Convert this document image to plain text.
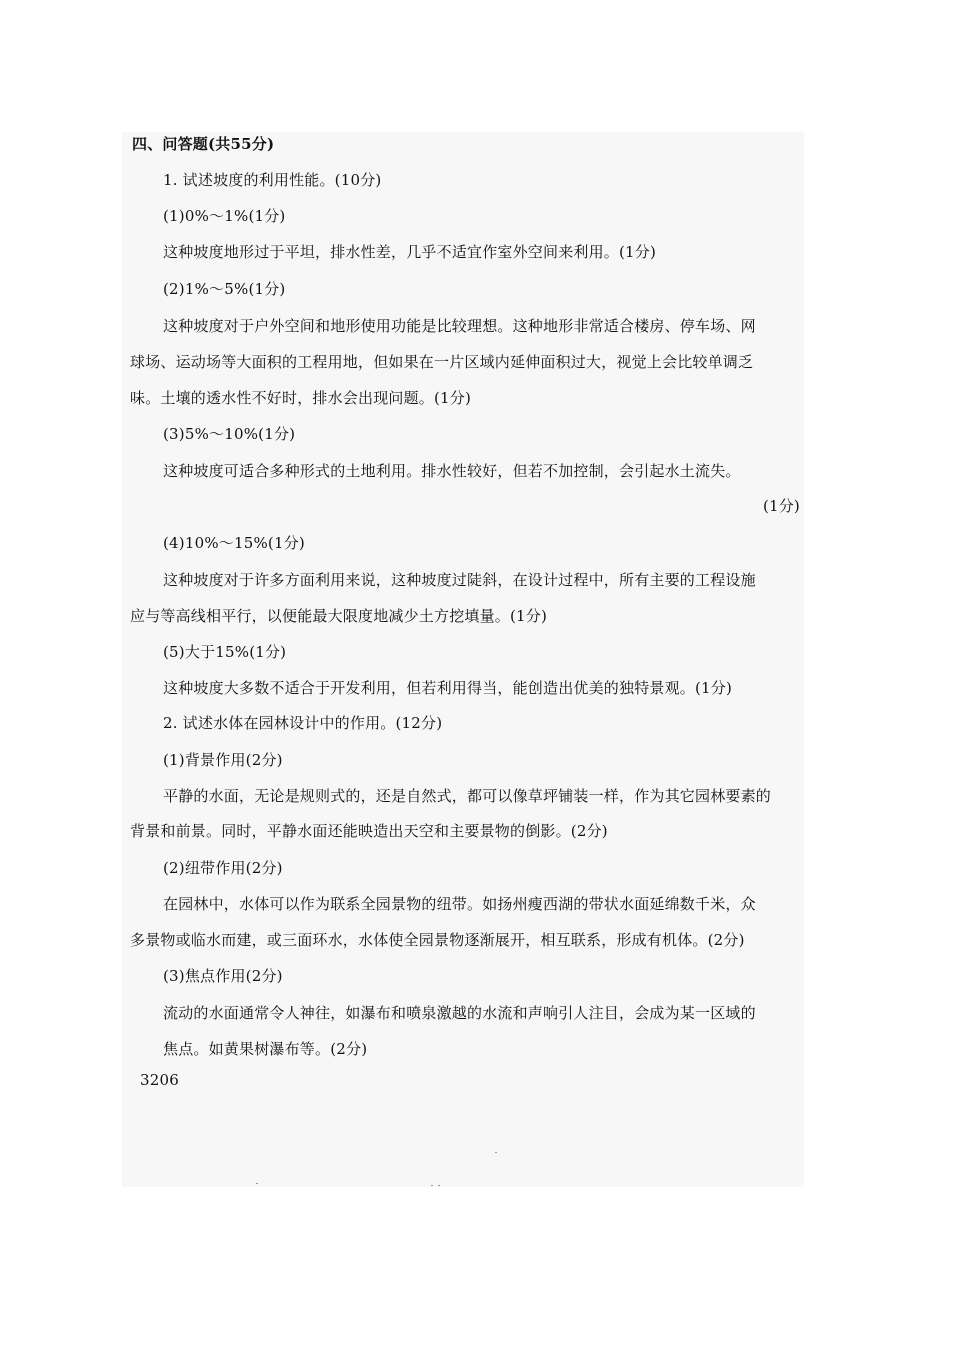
四、问答题(共55分)
1. 试述坡度的利用性能。(10分)
(1)0%～1%(1分)
这种坡度地形过于平坦，排水性差，几乎不适宜作室外空间来利用。(1分)
(2)1%～5%(1分)
这种坡度对于户外空间和地形使用功能是比较理想。这种地形非常适合楼房、停车场、网
球场、运动场等大面积的工程用地，但如果在一片区域内延伸面积过大，视觉上会比较单调乏
味。土壤的透水性不好时，排水会出现问题。(1分)
(3)5%～10%(1分)
这种坡度可适合多种形式的土地利用。排水性较好，但若不加控制，会引起水土流失。
(1分)
(4)10%～15%(1分)
这种坡度对于许多方面利用来说，这种坡度过陡斜，在设计过程中，所有主要的工程设施
应与等高线相平行，以便能最大限度地减少土方挖填量。(1分)
(5)大于15%(1分)
这种坡度大多数不适合于开发利用，但若利用得当，能创造出优美的独特景观。(1分)
2. 试述水体在园林设计中的作用。(12分)
(1)背景作用(2分)
平静的水面，无论是规则式的，还是自然式，都可以像草坪铺装一样，作为其它园林要素的
背景和前景。同时，平静水面还能映造出天空和主要景物的倒影。(2分)
(2)纽带作用(2分)
在园林中，水体可以作为联系全园景物的纽带。如扬州瘦西湖的带状水面延绵数千米，众
多景物或临水而建，或三面环水，水体使全园景物逐渐展开，相互联系，形成有机体。(2分)
(3)焦点作用(2分)
流动的水面通常令人神往，如瀑布和喷泉激越的水流和声响引人注目，会成为某一区域的
焦点。如黄果树瀑布等。(2分)
3206
